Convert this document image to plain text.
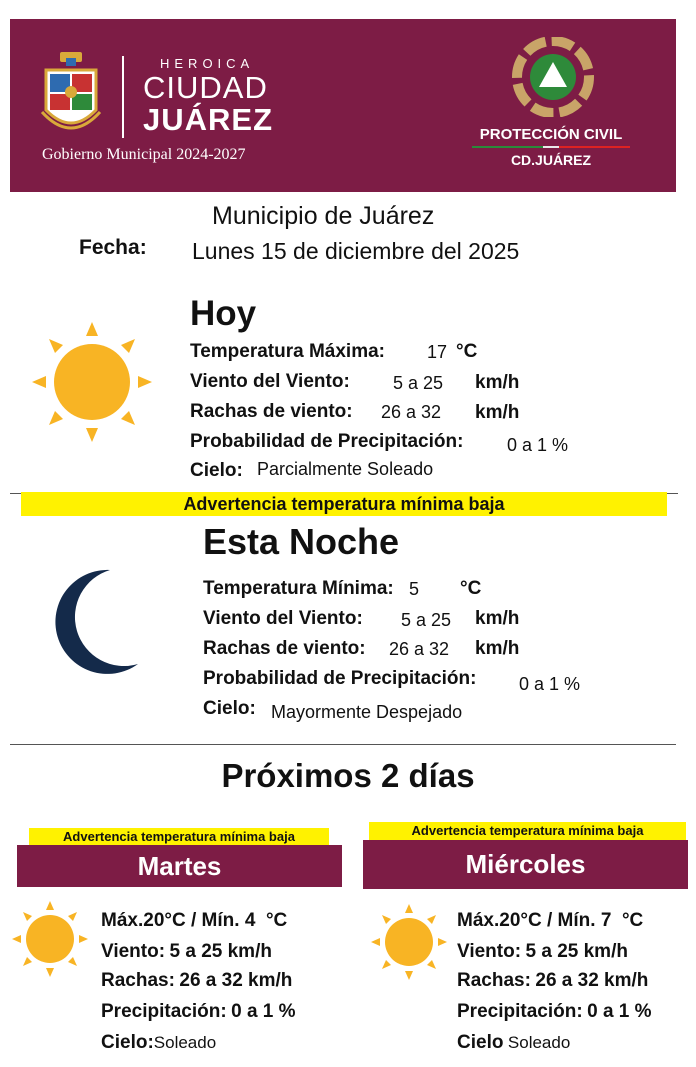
HEROICA
CIUDAD
JUÁREZ
Gobierno Municipal 2024-2027
PROTECCIÓN CIVIL
CD.JUÁREZ
Municipio de Juárez
Fecha: Lunes 15 de diciembre del 2025
Hoy
Temperatura Máxima: 17 °C
Viento del Viento: 5 a 25 km/h
Rachas de viento: 26 a 32 km/h
Probabilidad de Precipitación: 0 a 1 %
Cielo: Parcialmente Soleado
Advertencia temperatura mínima baja
Esta Noche
Temperatura Mínima: 5 °C
Viento del Viento: 5 a 25 km/h
Rachas de viento: 26 a 32 km/h
Probabilidad de Precipitación: 0 a 1 %
Cielo: Mayormente Despejado
Próximos 2 días
Advertencia temperatura mínima baja
Martes
Máx.20°C / Mín. 4  °C
Viento: 5 a 25 km/h
Rachas: 26 a 32 km/h
Precipitación: 0 a 1 %
Cielo:Soleado
Advertencia temperatura mínima baja
Miércoles
Máx.20°C / Mín. 7  °C
Viento: 5 a 25 km/h
Rachas: 26 a 32 km/h
Precipitación: 0 a 1 %
Cielo Soleado
